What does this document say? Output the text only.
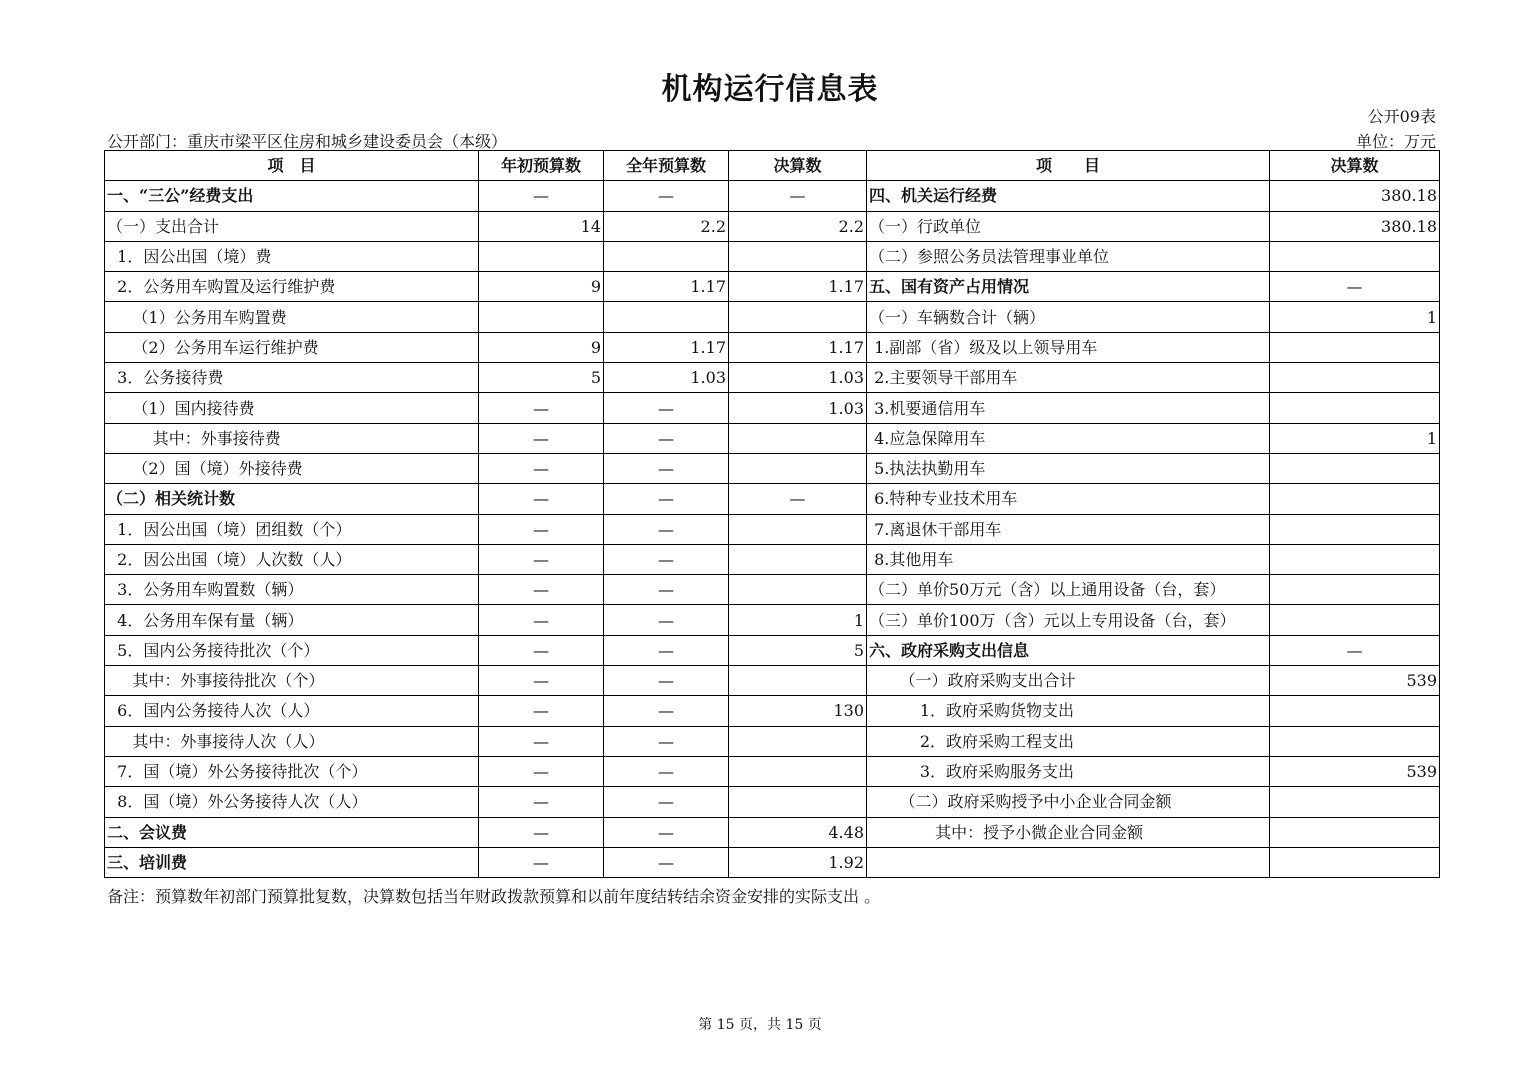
机构运行信息表
公开09表
公开部门：重庆市梁平区住房和城乡建设委员会（本级）	单位：万元
项　目	年初预算数	全年预算数	决算数	项　　目	决算数
一、“三公”经费支出	—	—	—	四、机关运行经费	380.18
（一）支出合计	14	2.2	2.2	（一）行政单位	380.18
1．因公出国（境）费				（二）参照公务员法管理事业单位	
2．公务用车购置及运行维护费	9	1.17	1.17	五、国有资产占用情况	—
（1）公务用车购置费				（一）车辆数合计（辆）	1
（2）公务用车运行维护费	9	1.17	1.17	1.副部（省）级及以上领导用车	
3．公务接待费	5	1.03	1.03	2.主要领导干部用车	
（1）国内接待费	—	—	1.03	3.机要通信用车	
其中：外事接待费	—	—		4.应急保障用车	1
（2）国（境）外接待费	—	—		5.执法执勤用车	
（二）相关统计数	—	—	—	6.特种专业技术用车	
1．因公出国（境）团组数（个）	—	—		7.离退休干部用车	
2．因公出国（境）人次数（人）	—	—		8.其他用车	
3．公务用车购置数（辆）	—	—		（二）单价50万元（含）以上通用设备（台，套）	
4．公务用车保有量（辆）	—	—	1	（三）单价100万（含）元以上专用设备（台，套）	
5．国内公务接待批次（个）	—	—	5	六、政府采购支出信息	—
其中：外事接待批次（个）	—	—		（一）政府采购支出合计	539
6．国内公务接待人次（人）	—	—	130	1．政府采购货物支出	
其中：外事接待人次（人）	—	—		2．政府采购工程支出	
7．国（境）外公务接待批次（个）	—	—		3．政府采购服务支出	539
8．国（境）外公务接待人次（人）	—	—		（二）政府采购授予中小企业合同金额	
二、会议费	—	—	4.48	其中：授予小微企业合同金额	
三、培训费	—	—	1.92		
备注：预算数年初部门预算批复数，决算数包括当年财政拨款预算和以前年度结转结余资金安排的实际支出 。
第 15 页，共 15 页
